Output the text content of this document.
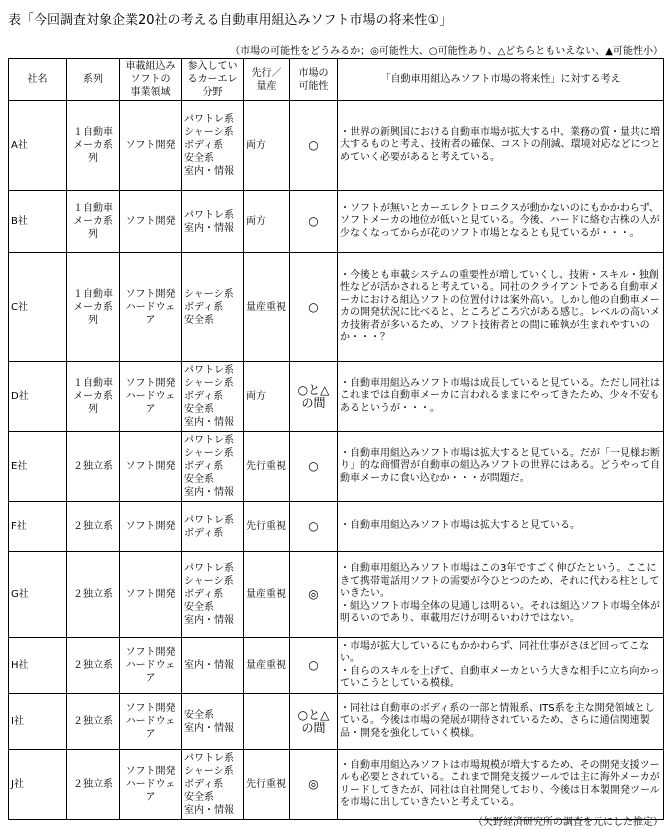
表「今回調査対象企業20社の考える自動車用組込みソフト市場の将来性①」
（市場の可能性をどうみるか；◎可能性大、○可能性あり、△どちらともいえない、▲可能性小）
社名	系列	車載組込み
ソフトの
事業領域	参入してい
るカーエレ
分野	先行／
量産	市場の
可能性	「自動車用組込みソフト市場の将来性」に対する考え
A社	１自動車
メーカ系
列	ソフト開発	パワトレ系
シャーシ系
ボディ系
安全系
室内・情報	両方	○	・世界の新興国における自動車市場が拡大する中、業務の質・量共に増大するものと考え、技術者の確保、コストの削減、環境対応などにつとめていく必要があると考えている。
B社	１自動車
メーカ系
列	ソフト開発	パワトレ系
室内・情報	両方	○	・ソフトが無いとカーエレクトロニクスが動かないのにもかかわらず、ソフトメーカの地位が低いと見ている。今後、ハードに絡む古株の人が少なくなってからが花のソフト市場となるとも見ているが・・・。
C社	１自動車
メーカ系
列	ソフト開発
ハードウェ
ア	シャーシ系
ボディ系
安全系	量産重視	○	・今後とも車載システムの重要性が増していくし、技術・スキル・独創性などが活かされると考えている。同社のクライアントである自動車メーカにおける組込ソフトの位置付けは案外高い。しかし他の自動車メーカの開発状況に比べると、ところどころ穴がある感じ。レベルの高いメカ技術者が多いるため、ソフト技術者との間に確執が生まれやすいのか・・・？
D社	１自動車
メーカ系
列	ソフト開発
ハードウェ
ア	パワトレ系
シャーシ系
ボディ系
安全系
室内・情報	両方	○と△
の間	・自動車用組込みソフト市場は成長していると見ている。ただし同社はこれまでは自動車メーカに言われるままにやってきたため、少々不安もあるというが・・・。
E社	２独立系	ソフト開発	パワトレ系
シャーシ系
ボディ系
安全系
室内・情報	先行重視	○	・自動車用組込みソフト市場は拡大すると見ている。だが「一見様お断り」的な商慣習が自動車の組込みソフトの世界にはある。どうやって自動車メーカに食い込むか・・・が問題だ。
F社	２独立系	ソフト開発	パワトレ系
ボディ系	先行重視	○	・自動車用組込みソフト市場は拡大すると見ている。
G社	２独立系	ソフト開発	パワトレ系
シャーシ系
ボディ系
安全系
室内・情報	量産重視	◎	・自動車用組込みソフト市場はこの3年ですごく伸びたという。ここにきて携帯電話用ソフトの需要が今ひとつのため、それに代わる柱としていきたい。
・組込ソフト市場全体の見通しは明るい。それは組込ソフト市場全体が明るいのであり、車載用だけが明るいわけではない。
H社	２独立系	ソフト開発
ハードウェ
ア	室内・情報	量産重視	○	・市場が拡大しているにもかかわらず、同社仕事がさほど回ってこない。
・自らのスキルを上げて、自動車メーカという大きな相手に立ち向かっていこうとしている模様。
I社	２独立系	ソフト開発
ハードウェ
ア	安全系
室内・情報		○と△
の間	・同社は自動車のボディ系の一部と情報系、ITS系を主な開発領域としている。今後は市場の発展が期待されているため、さらに通信関連製品・開発を強化していく模様。
J社	２独立系	ソフト開発
ハードウェ
ア	パワトレ系
シャーシ系
ボディ系
安全系
室内・情報	先行重視	◎	・自動車用組込みソフトは市場規模が増大するため、その開発支援ツールも必要とされている。これまで開発支援ツールでは主に海外メーカがリードしてきたが、同社は自社開発しており、今後は日本製開発ツールを市場に出していきたいと考えている。
（矢野経済研究所の調査を元にした推定）
